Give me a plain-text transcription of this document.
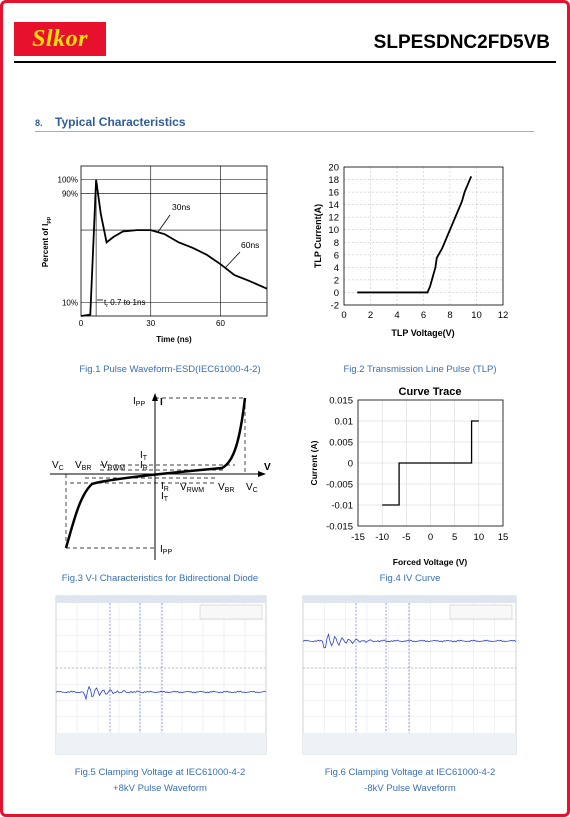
Slkor	SLPESDNC2FD5VB
8. Typical Characteristics
100%
90%
10%
0	30	60
Percent of $I_{pp}$
Time (ns)
30ns
60ns
$t_r$ 0.7 to 1ns
Fig.1 Pulse Waveform-ESD(IEC61000-4-2)
20
18
16
14
12
10
8
6
4
2
0
-2
0 2 4 6 8 10 12
TLP Current(A)
TLP Voltage(V)
Fig.2 Transmission Line Pulse (TLP)
I
V
$I_{PP}$
$I_{PP}$
$V_C$ $V_{BR}$ $V_{RWM}$
$I_T$
$I_R$
$I_R$
$I_T$
$V_{RWM}$ $V_{BR}$ $V_C$
Fig.3 V-I Characteristics for Bidirectional Diode
Curve Trace
0.015
0.01
0.005
0
-0.005
-0.01
-0.015
-15 -10 -5 0 5 10 15
Current (A)
Forced Voltage (V)
Fig.4 IV Curve
Fig.5 Clamping Voltage at IEC61000-4-2
+8kV Pulse Waveform
Fig.6 Clamping Voltage at IEC61000-4-2
-8kV Pulse Waveform
